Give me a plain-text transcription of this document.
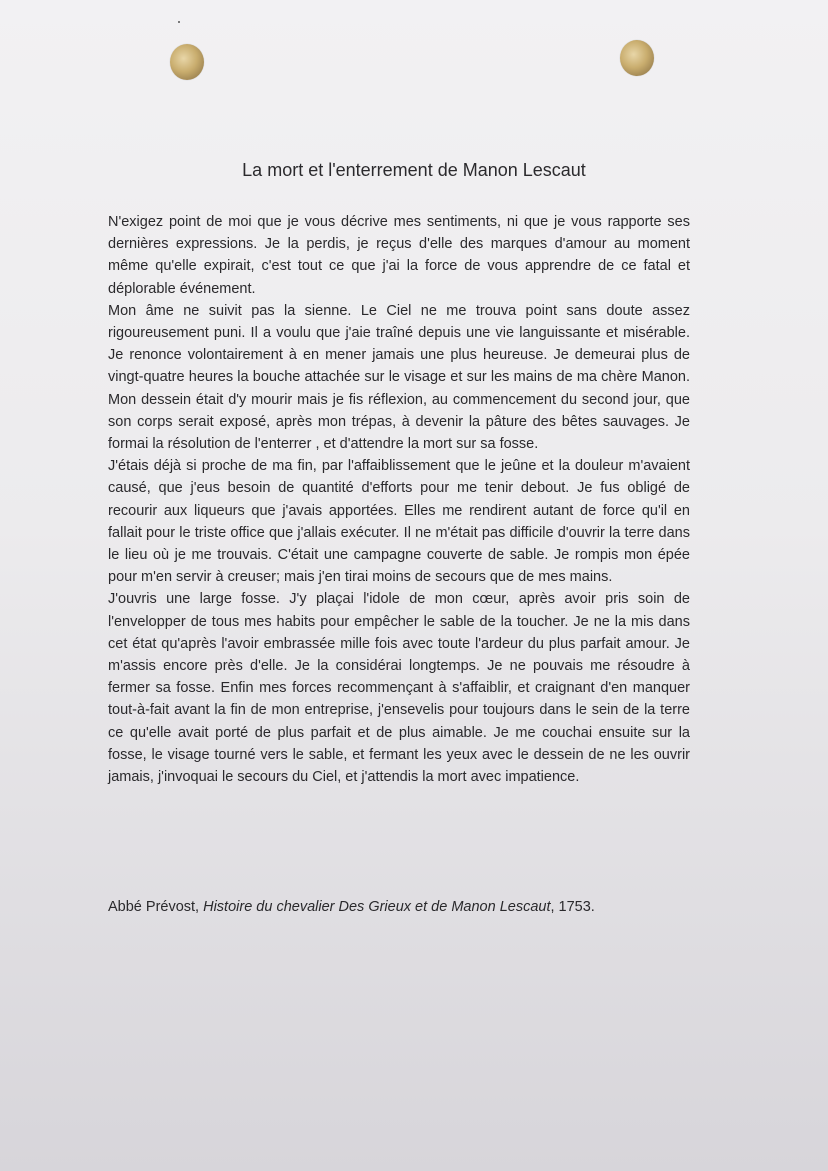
La mort et l'enterrement de Manon Lescaut

N'exigez point de moi que je vous décrive mes sentiments, ni que je vous rapporte ses dernières expressions. Je la perdis, je reçus d'elle des marques d'amour au moment même qu'elle expirait, c'est tout ce que j'ai la force de vous apprendre de ce fatal et déplorable événement.

Mon âme ne suivit pas la sienne. Le Ciel ne me trouva point sans doute assez rigoureusement puni. Il a voulu que j'aie traîné depuis une vie languissante et misérable. Je renonce volontairement à en mener jamais une plus heureuse. Je demeurai plus de vingt-quatre heures la bouche attachée sur le visage et sur les mains de ma chère Manon. Mon dessein était d'y mourir mais je fis réflexion, au commencement du second jour, que son corps serait exposé, après mon trépas, à devenir la pâture des bêtes sauvages. Je formai la résolution de l'enterrer , et d'attendre la mort sur sa fosse.

J'étais déjà si proche de ma fin, par l'affaiblissement que le jeûne et la douleur m'avaient causé, que j'eus besoin de quantité d'efforts pour me tenir debout. Je fus obligé de recourir aux liqueurs que j'avais apportées. Elles me rendirent autant de force qu'il en fallait pour le triste office que j'allais exécuter. Il ne m'était pas difficile d'ouvrir la terre dans le lieu où je me trouvais. C'était une campagne couverte de sable. Je rompis mon épée pour m'en servir à creuser; mais j'en tirai moins de secours que de mes mains.

J'ouvris une large fosse. J'y plaçai l'idole de mon cœur, après avoir pris soin de l'envelopper de tous mes habits pour empêcher le sable de la toucher. Je ne la mis dans cet état qu'après l'avoir embrassée mille fois avec toute l'ardeur du plus parfait amour. Je m'assis encore près d'elle. Je la considérai longtemps. Je ne pouvais me résoudre à fermer sa fosse. Enfin mes forces recommençant à s'affaiblir, et craignant d'en manquer tout-à-fait avant la fin de mon entreprise, j'ensevelis pour toujours dans le sein de la terre ce qu'elle avait porté de plus parfait et de plus aimable. Je me couchai ensuite sur la fosse, le visage tourné vers le sable, et fermant les yeux avec le dessein de ne les ouvrir jamais, j'invoquai le secours du Ciel, et j'attendis la mort avec impatience.

Abbé Prévost, Histoire du chevalier Des Grieux et de Manon Lescaut, 1753.
